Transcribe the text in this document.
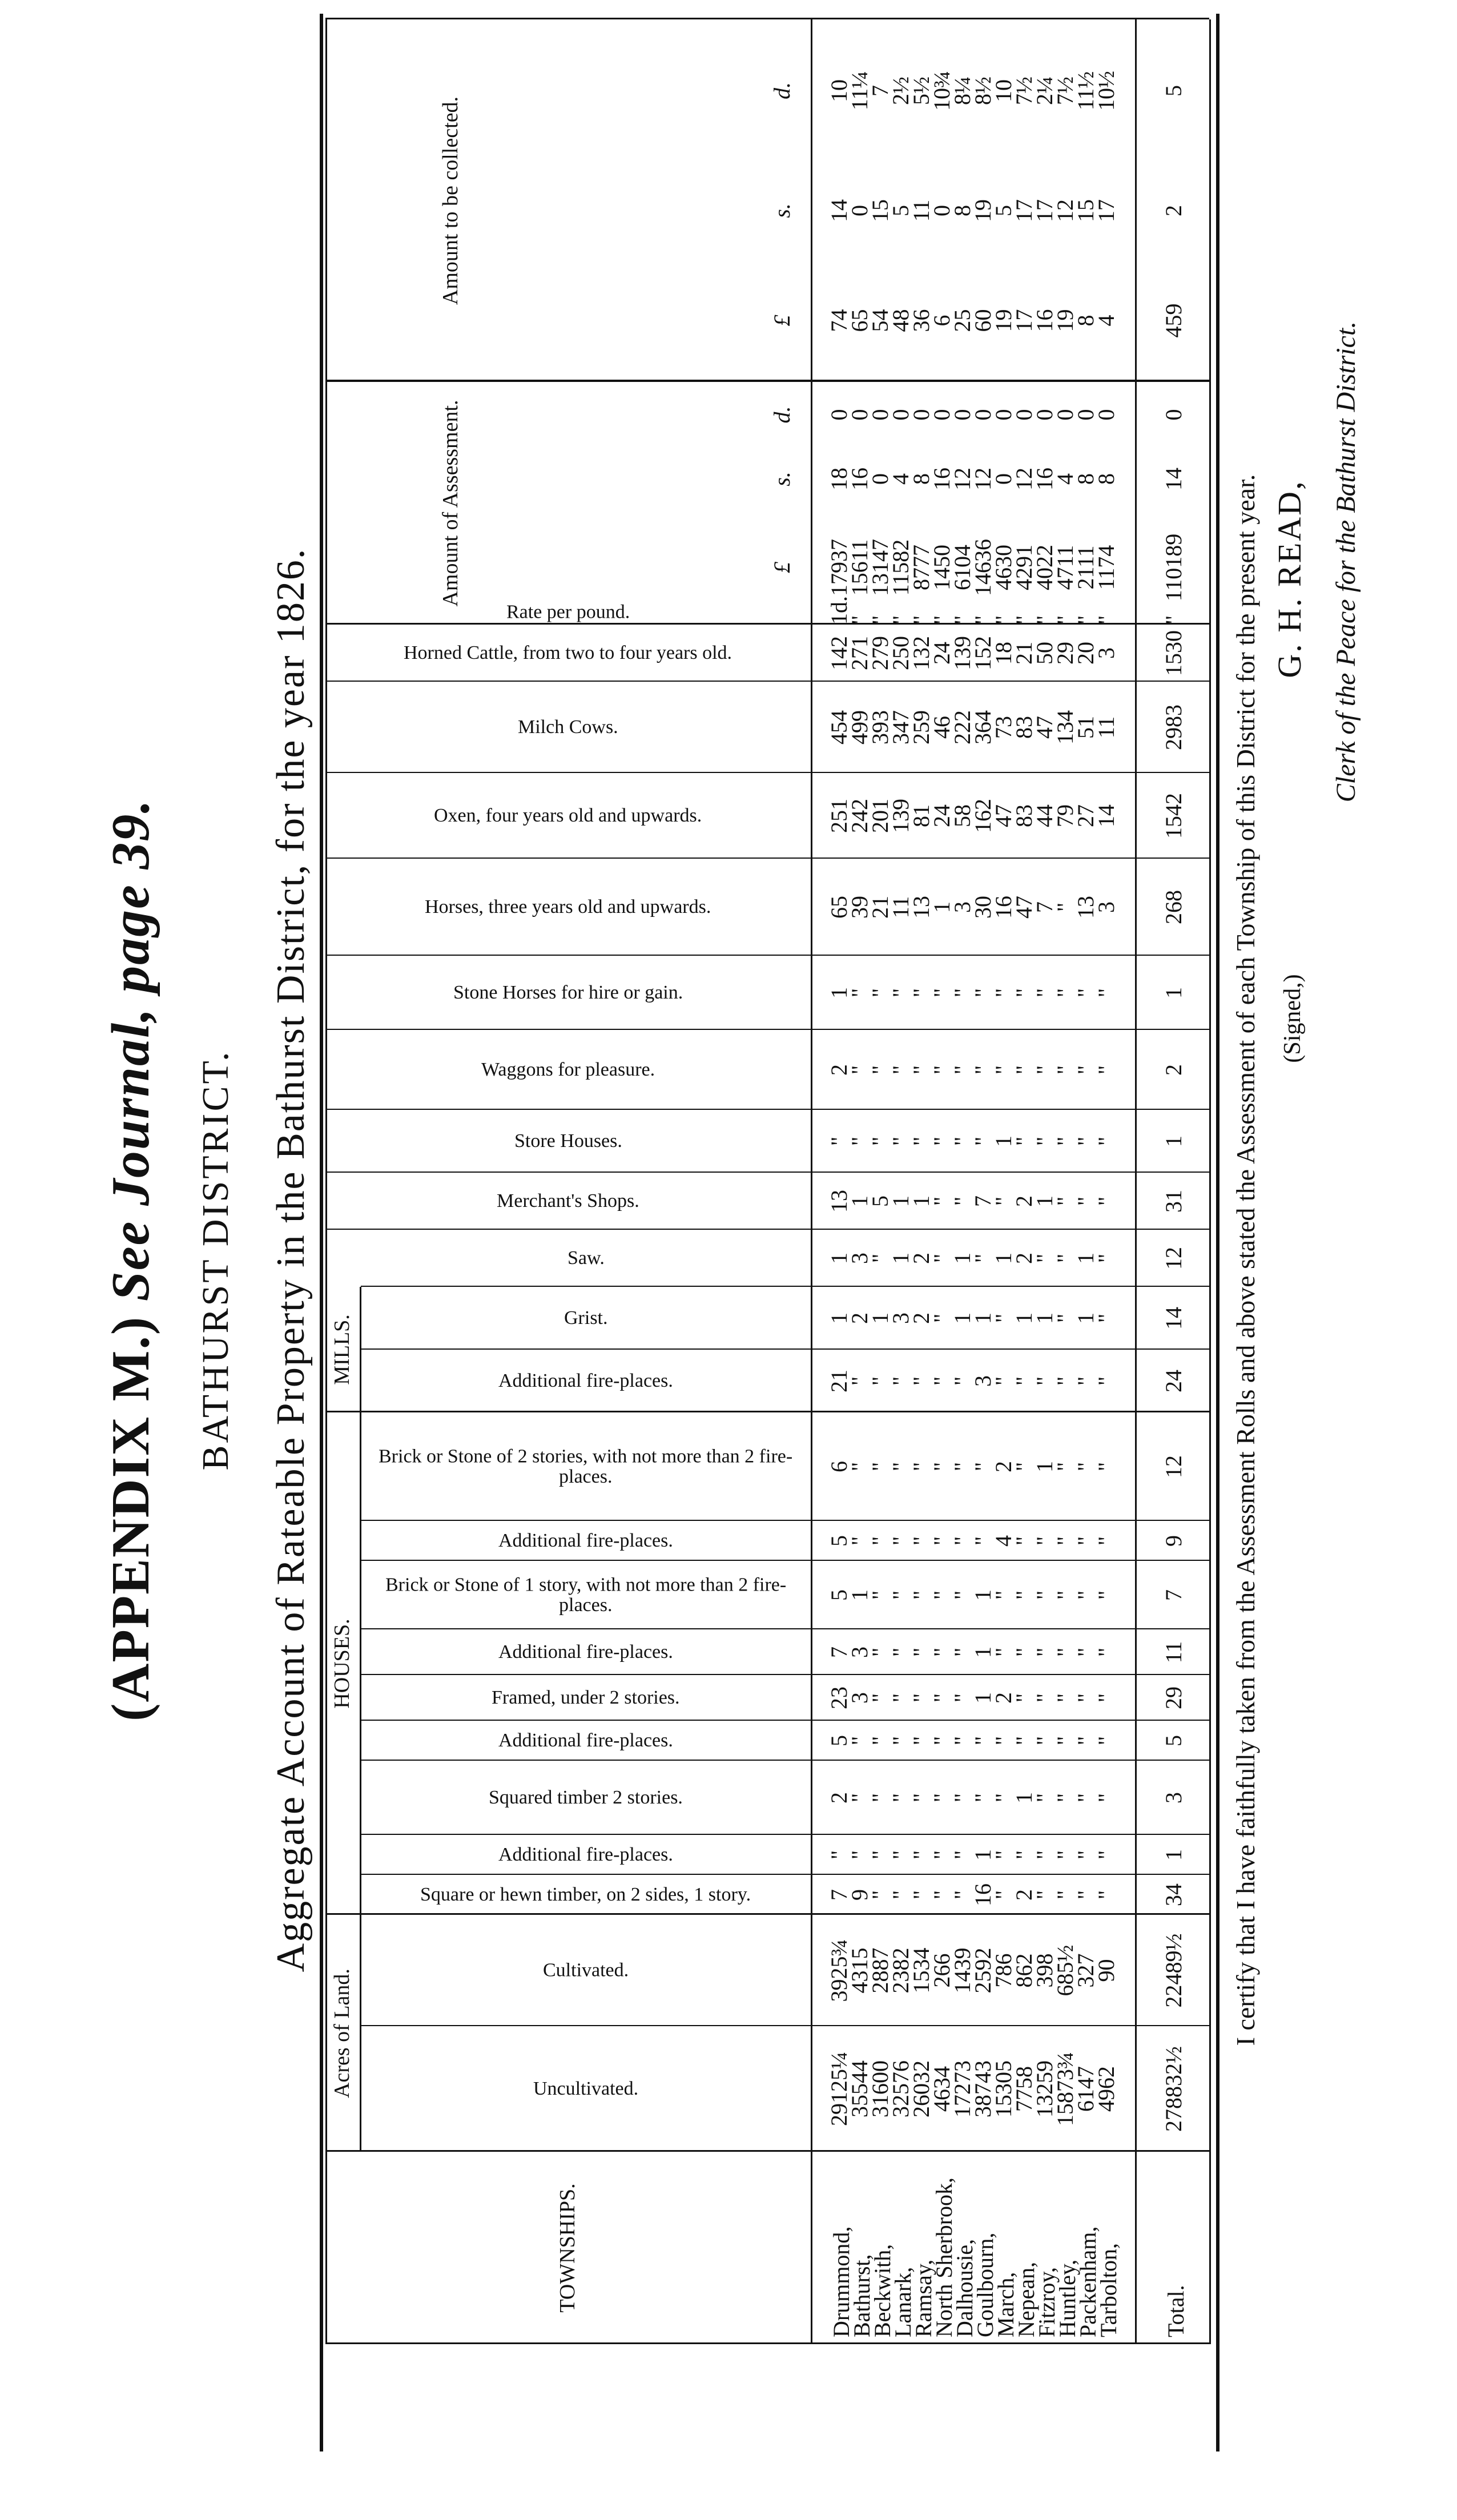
(APPENDIX M.) See Journal, page 39. BATHURST DISTRICT. Aggregate Account of Rateable Property in the Bathurst District, for the year 1826.	I certify that I have faithfully taken from the Assessment Rolls and above stated the Assessment of each Township of this District for the present year. (Signed,)
G. H. READ, Clerk of the Peace for the Bathurst District.
TOWNSHIPS.
Acres of Land.
HOUSES.
MILLS.
Uncultivated.
Cultivated.
Square or hewn timber, on 2 sides, 1 story.
Additional fire-places.
Squared timber 2 stories.
Additional fire-places.
Framed, under 2 stories.
Additional fire-places.
Brick or Stone of 1 story, with not more than 2 fire-places.
Additional fire-places.
Brick or Stone of 2 stories, with not more than 2 fire-places.
Additional fire-places.
Grist.
Saw.
Merchant's Shops.
Store Houses.
Waggons for pleasure.
Stone Horses for hire or gain.
Horses, three years old and upwards.
Oxen, four years old and upwards.
Milch Cows.
Horned Cattle, from two to four years old.
Rate per pound.
Amount of Assessment.
Amount to be collected.
£
s.
d.
£
s.
d.
Drummond,
29125¼
3925¾
7
"
2
5
23
7
5
5
6
21
1
1
13
"
2
1
65
251
454
142
1d.
17937
18
0
74
14
10
Bathurst,
35544
4315
9
"
"
"
3
3
1
"
"
"
2
3
1
"
"
"
39
242
499
271
"
15611
16
0
65
0
11¼
Beckwith,
31600
2887
"
"
"
"
"
"
"
"
"
"
1
"
5
"
"
"
21
201
393
279
"
13147
0
0
54
15
7
Lanark,
32576
2382
"
"
"
"
"
"
"
"
"
"
3
1
1
"
"
"
11
139
347
250
"
11582
4
0
48
5
2½
Ramsay,
26032
1534
"
"
"
"
"
"
"
"
"
"
2
2
1
"
"
"
13
81
259
132
"
8777
8
0
36
11
5½
North Sherbrook,
4634
266
"
"
"
"
"
"
"
"
"
"
"
"
"
"
"
"
1
24
46
24
"
1450
16
0
6
0
10¾
Dalhousie,
17273
1439
"
"
"
"
"
"
"
"
"
"
1
1
"
"
"
"
3
58
222
139
"
6104
12
0
25
8
8¼
Goulbourn,
38743
2592
16
1
"
"
1
1
1
"
"
3
1
"
7
"
"
"
30
162
364
152
"
14636
12
0
60
19
8½
March,
15305
786
"
"
"
"
2
"
"
4
2
"
"
1
"
1
"
"
16
47
73
18
"
4630
0
0
19
5
10
Nepean,
7758
862
2
"
1
"
"
"
"
"
"
"
1
2
2
"
"
"
47
83
83
21
"
4291
12
0
17
17
7½
Fitzroy,
13259
398
"
"
"
"
"
"
"
"
1
"
1
"
1
"
"
"
7
44
47
50
"
4022
16
0
16
17
2¼
Huntley,
15873¾
685½
"
"
"
"
"
"
"
"
"
"
"
"
"
"
"
"
"
79
134
29
"
4711
4
0
19
12
7½
Packenham,
6147
327
"
"
"
"
"
"
"
"
"
"
1
1
"
"
"
"
13
27
51
20
"
2111
8
0
8
15
11½
Tarbolton,
4962
90
"
"
"
"
"
"
"
"
"
"
"
"
"
"
"
"
3
14
11
3
"
1174
8
0
4
17
10½
Total.
278832½
22489½
34
1
3
5
29
11
7
9
12
24
14
12
31
1
2
1
268
1542
2983
1530
"
110189
14
0
459
2
5
